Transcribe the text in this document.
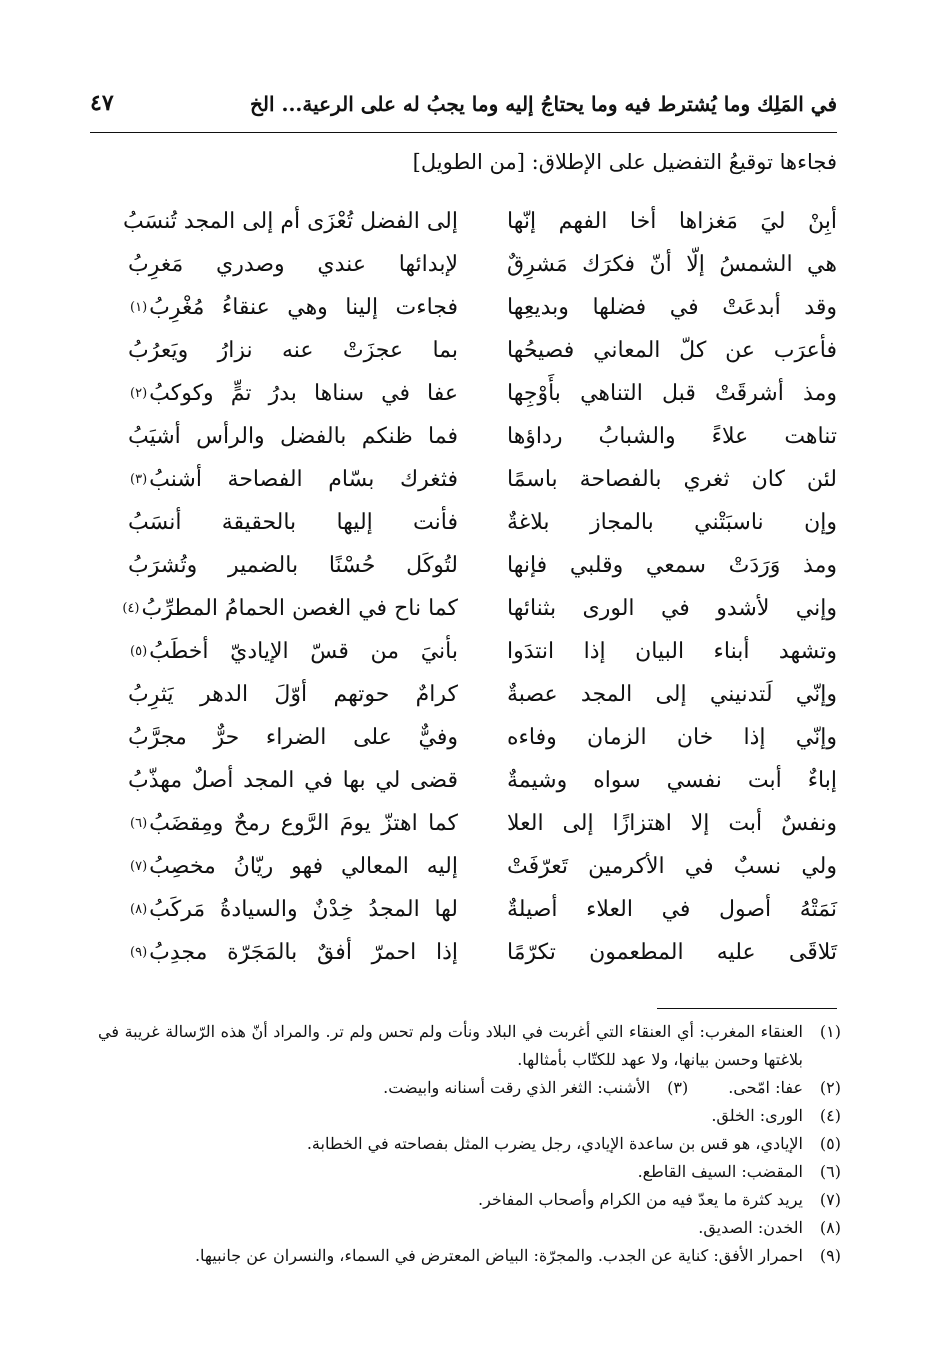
في المَلِك وما يُشترط فيه وما يحتاجُ إليه وما يجبُ له على الرعية... الخ
٤٧
فجاءها توقيعُ التفضيل على الإطلاق: [من الطويل]
أبِنْ ليَ مَغزاها أخا الفهم إنّها
إلى الفضل تُعْزَى أم إلى المجد تُنسَبُ
هي الشمسُ إلّا أنّ فكرَك مَشرِقٌ
لإبدائها عندي وصدري مَغرِبُ
وقد أبدعَتْ في فضلها وبديعِها
فجاءت إلينا وهي عنقاءُ مُغْرِبُ
(١)
فأعرَب عن كلّ المعاني فصيحُها
بما عجزَتْ عنه نزارُ ويَعرُبُ
ومذ أشرقَتْ قبل التناهي بأَوْجِها
عفا في سناها بدرُ تمٍّ وكوكبُ
(٢)
تناهت علاءً والشبابُ رداؤها
فما ظنكم بالفضل والرأس أشيَبُ
لئن كان ثغري بالفصاحة باسمًا
فثغرك بسّام الفصاحة أشنبُ
(٣)
وإن ناسبَتْني بالمجاز بلاغةٌ
فأنت إليها بالحقيقة أنسَبُ
ومذ وَرَدَتْ سمعي وقلبي فإنها
لتُوكَل حُسْنًا بالضمير وتُشرَبُ
وإني لأشدو في الورى بثنائها
كما ناح في الغصن الحمامُ المطرِّبُ
(٤)
وتشهد أبناء البيان إذا انتدَوا
بأنيَ من قسّ الإياديّ أخطَبُ
(٥)
وإنّي لَتدنيني إلى المجد عصبةٌ
كرامٌ حوتهم أوّلَ الدهر يَثرِبُ
وإنّي إذا خان الزمان وفاءه
وفيٌّ على الضراء حرٌّ مجرَّبُ
إباءٌ أبت نفسي سواه وشيمةٌ
قضى لي بها في المجد أصلٌ مهذّبُ
ونفسٌ أبت إلا اهتزازًا إلى العلا
كما اهتزّ يومَ الرَّوع رمحٌ ومِقضَبُ
(٦)
ولي نسبٌ في الأكرمين تَعرّفَتْ
إليه المعالي فهو ريّانُ مخصِبُ
(٧)
نَمَتْهُ أصول في العلاء أصيلةٌ
لها المجدُ خِدْنٌ والسيادةُ مَركَبُ
(٨)
تَلاقَى عليه المطعمون تكرّمًا
إذا احمرّ أفقٌ بالمَجَرّة مجدِبُ
(٩)
(١)
العنقاء المغرب: أي العنقاء التي أغربت في البلاد ونأت ولم تحس ولم تر. والمراد أنّ هذه الرّسالة غريبة في بلاغتها وحسن بيانها، ولا عهد للكتّاب بأمثالها.
(٢)
عفا: امّحى.
(٣)
الأشنب: الثغر الذي رقت أسنانه وابيضت.
(٤)
الورى: الخلق.
(٥)
الإيادي، هو قس بن ساعدة الإيادي، رجل يضرب المثل بفصاحته في الخطابة.
(٦)
المقضب: السيف القاطع.
(٧)
يريد كثرة ما يعدّ فيه من الكرام وأصحاب المفاخر.
(٨)
الخدن: الصديق.
(٩)
احمرار الأفق: كناية عن الجدب. والمجرّة: البياض المعترض في السماء، والنسران عن جانبيها.
